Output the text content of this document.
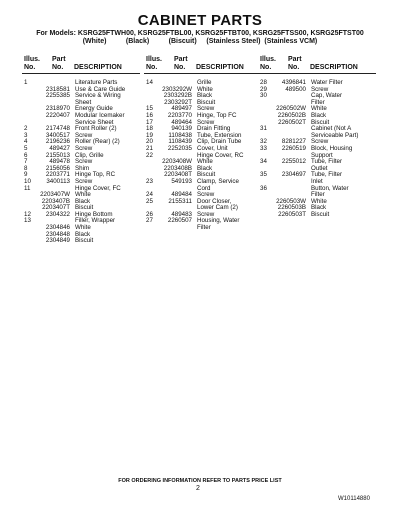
CABINET PARTS
For Models: KSRG25FTWH00, KSRG25FTBL00, KSRG25FTBT00, KSRG25FTSS00, KSRG25FTST00
(White)          (Black)          (Biscuit)     (Stainless Steel)  (Stainless VCM)
Illus.
No.
Part
No.	DESCRIPTION
1	Literature Parts
2318581 Use & Care Guide
2255385 Service & Wiring
Sheet
2318970 Energy Guide
2220407 Modular Icemaker
Service Sheet
2	2174748 Front Roller (2)
3	3400517 Screw
4	2196236 Roller (Rear) (2)
5	489427 Screw
6	2155013 Clip, Grille
7	489478 Screw
8	2156056 Shim
9	2203771 Hinge Top, RC
10	3400113 Screw
11	Hinge Cover, FC
2203407W White
2203407B Black
2203407T Biscuit
12	2304322 Hinge Bottom
13	Filler, Wrapper
2304846 White
2304848 Black
2304849 Biscuit
Illus.
No.
Part
No.	DESCRIPTION
14	Grille
2303292W White
2303292B Black
2303292T Biscuit
15	489497 Screw
16	2203770 Hinge, Top FC
17	489464 Screw
18	940139 Drain Fitting
19	1108438 Tube, Extension
20	1108439 Clip, Drain Tube
21	2252035 Cover, Unit
22	Hinge Cover, RC
2203408W White
2203408B Black
2203408T Biscuit
23	549193 Clamp, Service
Cord
24	489484 Screw
25	2155311 Door Closer,
Lower Cam (2)
26	489483 Screw
27	2260507 Housing, Water
Filter
Illus.
No.
Part
No.	DESCRIPTION
28	4396841 Water Filter
29	489500 Screw
30	Cap, Water
Filter
2260502W White
2260502B Black
2260502T Biscuit
31	Cabinet (Not A
Serviceable Part)
32	8281227 Screw
33	2260519 Block, Housing
Support
34	2255012 Tube, Filter
Outlet
35	2304697 Tube, Filter
Inlet
36	Button, Water
Filter
2260503W White
2260503B Black
2260503T Biscuit
FOR ORDERING INFORMATION REFER TO PARTS PRICE LIST
2
W10114880
